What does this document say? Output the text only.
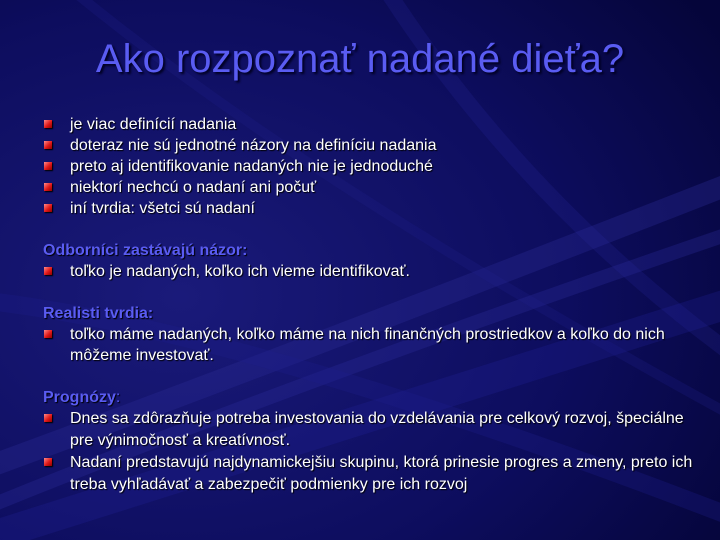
Ako rozpoznať nadané dieťa?
je viac definícií nadania
doteraz nie sú jednotné názory na definíciu nadania
preto aj identifikovanie nadaných nie je jednoduché
niektorí nechcú o nadaní ani počuť
iní tvrdia: všetci sú nadaní
Odborníci zastávajú názor:
toľko je nadaných, koľko ich vieme identifikovať.
Realisti tvrdia:
toľko máme nadaných, koľko máme na nich finančných prostriedkov a koľko do nich môžeme investovať.
Prognózy:
Dnes sa zdôrazňuje potreba investovania do vzdelávania pre celkový rozvoj, špeciálne pre výnimočnosť a kreatívnosť.
Nadaní predstavujú najdynamickejšiu skupinu, ktorá prinesie progres a zmeny, preto ich treba vyhľadávať a zabezpečiť podmienky pre ich rozvoj
